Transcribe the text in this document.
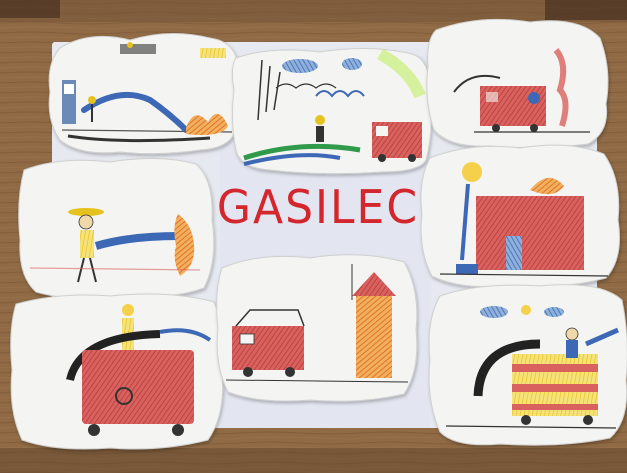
GASILEC
